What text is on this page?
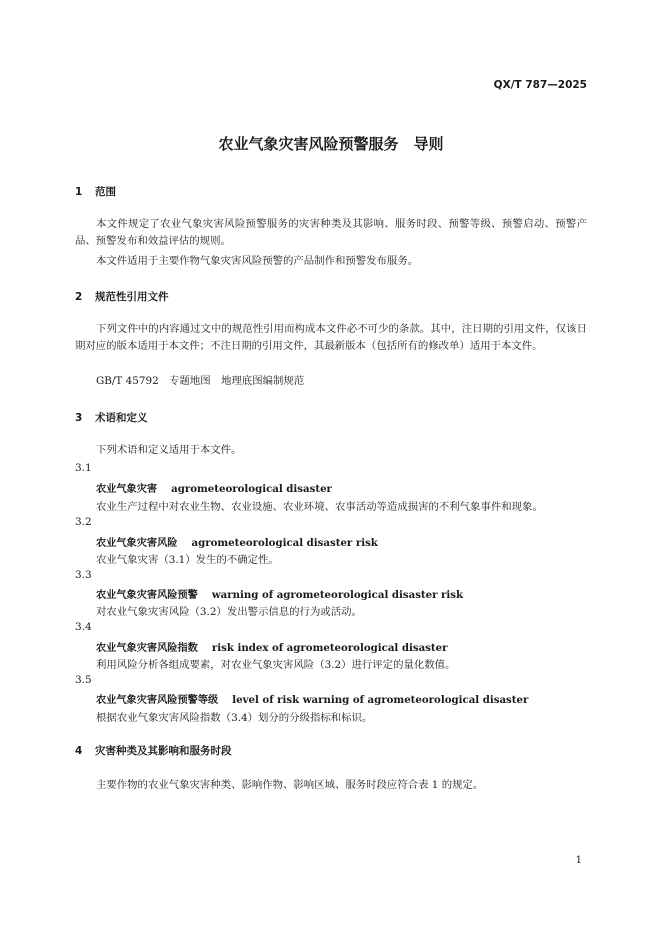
QX/T 787—2025
农业气象灾害风险预警服务　导则
1 范围
本文件规定了农业气象灾害风险预警服务的灾害种类及其影响、服务时段、预警等级、预警启动、预警产品、预警发布和效益评估的规则。
本文件适用于主要作物气象灾害风险预警的产品制作和预警发布服务。
2 规范性引用文件
下列文件中的内容通过文中的规范性引用而构成本文件必不可少的条款。其中，注日期的引用文件，仅该日期对应的版本适用于本文件；不注日期的引用文件，其最新版本（包括所有的修改单）适用于本文件。
GB/T 45792　专题地图　地理底图编制规范
3 术语和定义
下列术语和定义适用于本文件。
3.1
农业气象灾害 agrometeorological disaster
农业生产过程中对农业生物、农业设施、农业环境、农事活动等造成损害的不利气象事件和现象。
3.2
农业气象灾害风险 agrometeorological disaster risk
农业气象灾害（3.1）发生的不确定性。
3.3
农业气象灾害风险预警 warning of agrometeorological disaster risk
对农业气象灾害风险（3.2）发出警示信息的行为或活动。
3.4
农业气象灾害风险指数 risk index of agrometeorological disaster
利用风险分析各组成要素，对农业气象灾害风险（3.2）进行评定的量化数值。
3.5
农业气象灾害风险预警等级 level of risk warning of agrometeorological disaster
根据农业气象灾害风险指数（3.4）划分的分级指标和标识。
4 灾害种类及其影响和服务时段
主要作物的农业气象灾害种类、影响作物、影响区域、服务时段应符合表 1 的规定。
1
